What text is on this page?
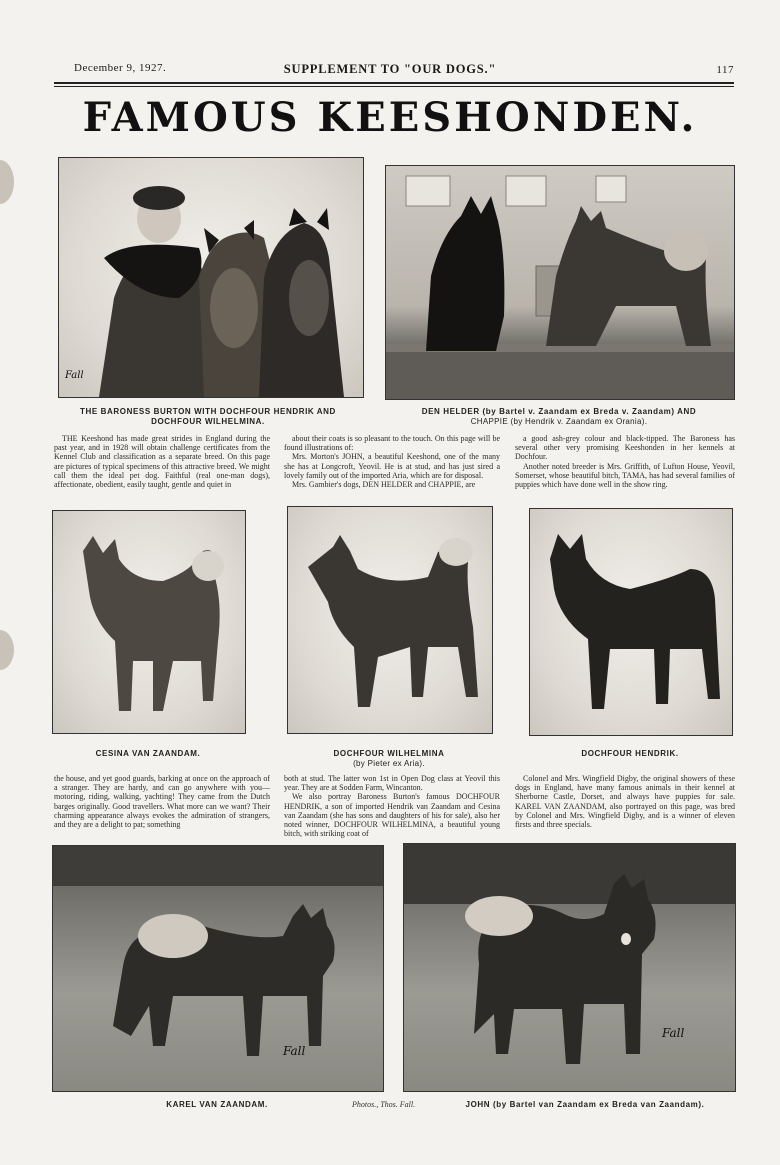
December 9, 1927.	SUPPLEMENT TO "OUR DOGS."	117
FAMOUS KEESHONDEN.
Fall
THE BARONESS BURTON WITH DOCHFOUR HENDRIK AND
DOCHFOUR WILHELMINA.
DEN HELDER (by Bartel v. Zaandam ex Breda v. Zaandam) AND
CHAPPIE (by Hendrik v. Zaandam ex Orania).

THE Keeshond has made great strides in England during the past year, and in 1928 will obtain challenge certificates from the Kennel Club and classification as a separate breed. On this page are pictures of typical specimens of this attractive breed. We might call them the ideal pet dog. Faithful (real one-man dogs), affectionate, obedient, easily taught, gentle and quiet in

about their coats is so pleasant to the touch. On this page will be found illustrations of:

Mrs. Morton's JOHN, a beautiful Keeshond, one of the many she has at Longcroft, Yeovil. He is at stud, and has just sired a lovely family out of the imported Aria, which are for disposal.

Mrs. Gambier's dogs, DEN HELDER and CHAPPIE, are

a good ash-grey colour and black-tipped. The Baroness has several other very promising Keeshonden in her kennels at Dochfour.

Another noted breeder is Mrs. Griffith, of Lufton House, Yeovil, Somerset, whose beautiful bitch, TAMA, has had several families of puppies which have done well in the show ring.

CESINA VAN ZAANDAM.	DOCHFOUR WILHELMINA
(by Pieter ex Aria).
DOCHFOUR HENDRIK.

the house, and yet good guards, barking at once on the approach of a stranger. They are hardy, and can go anywhere with you—motoring, riding, walking, yachting! They came from the Dutch barges originally. Good travellers. What more can we want? Their charming appearance always evokes the admiration of strangers, and they are a delight to pat; something

both at stud. The latter won 1st in Open Dog class at Yeovil this year. They are at Sodden Farm, Wincanton.

We also portray Baroness Burton's famous DOCHFOUR HENDRIK, a son of imported Hendrik van Zaandam and Cesina van Zaandam (she has sons and daughters of his for sale), also her noted winner, DOCHFOUR WILHELMINA, a beautiful young bitch, with striking coat of

Colonel and Mrs. Wingfield Digby, the original showers of these dogs in England, have many famous animals in their kennel at Sherborne Castle, Dorset, and always have puppies for sale. KAREL VAN ZAANDAM, also portrayed on this page, was bred by Colonel and Mrs. Wingfield Digby, and is a winner of eleven firsts and three specials.

Fall
Fall
KAREL VAN ZAANDAM.	Photos., Thos. Fall.	JOHN (by Bartel van Zaandam ex Breda van Zaandam).
